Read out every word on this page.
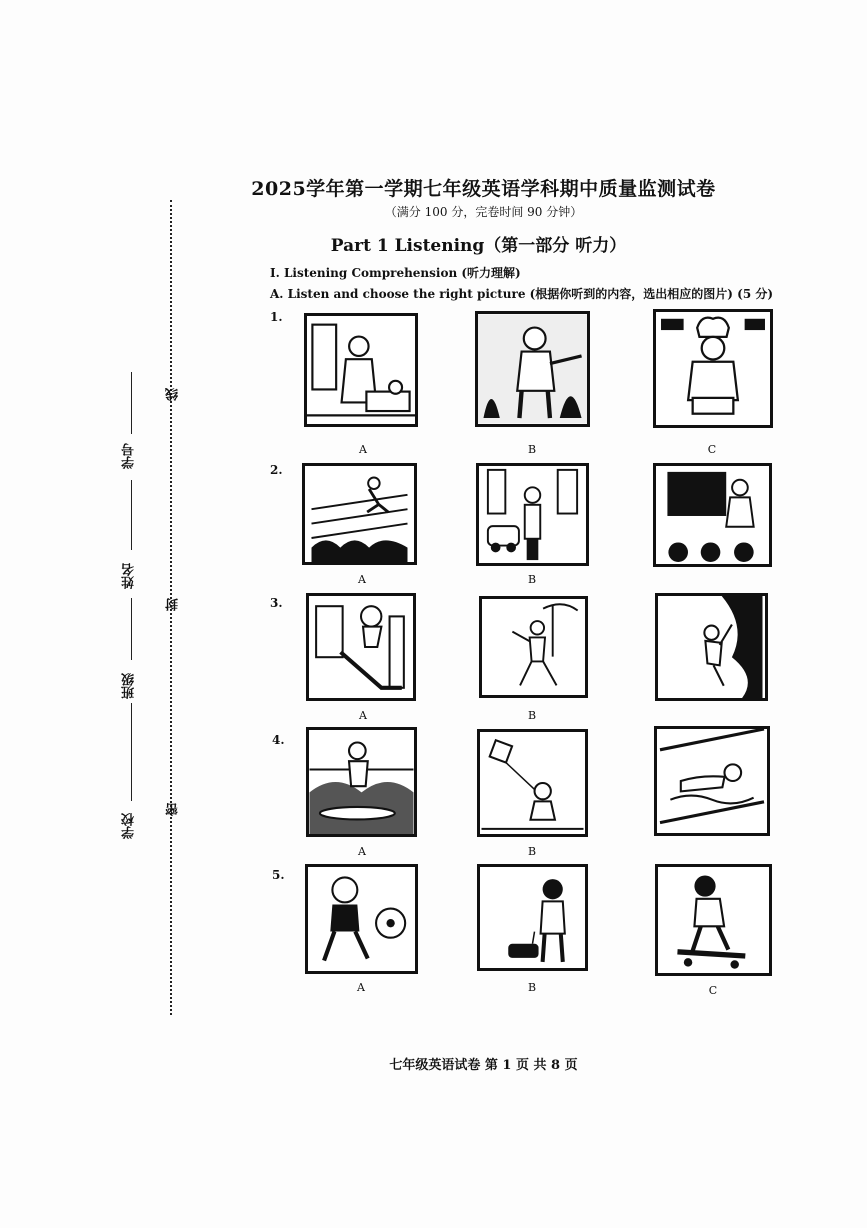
2025学年第一学期七年级英语学科期中质量监测试卷
（满分 100 分，完卷时间 90 分钟）
Part 1 Listening（第一部分 听力）
I. Listening Comprehension (听力理解)
A. Listen and choose the right picture (根据你听到的内容，选出相应的图片) (5 分)
线
封
密
学号
姓名
班级
学校
1.
A	B	C
2.
A	B
3.
A	B
4.
A	B
5.
A	B	C
七年级英语试卷 第 1 页 共 8 页
